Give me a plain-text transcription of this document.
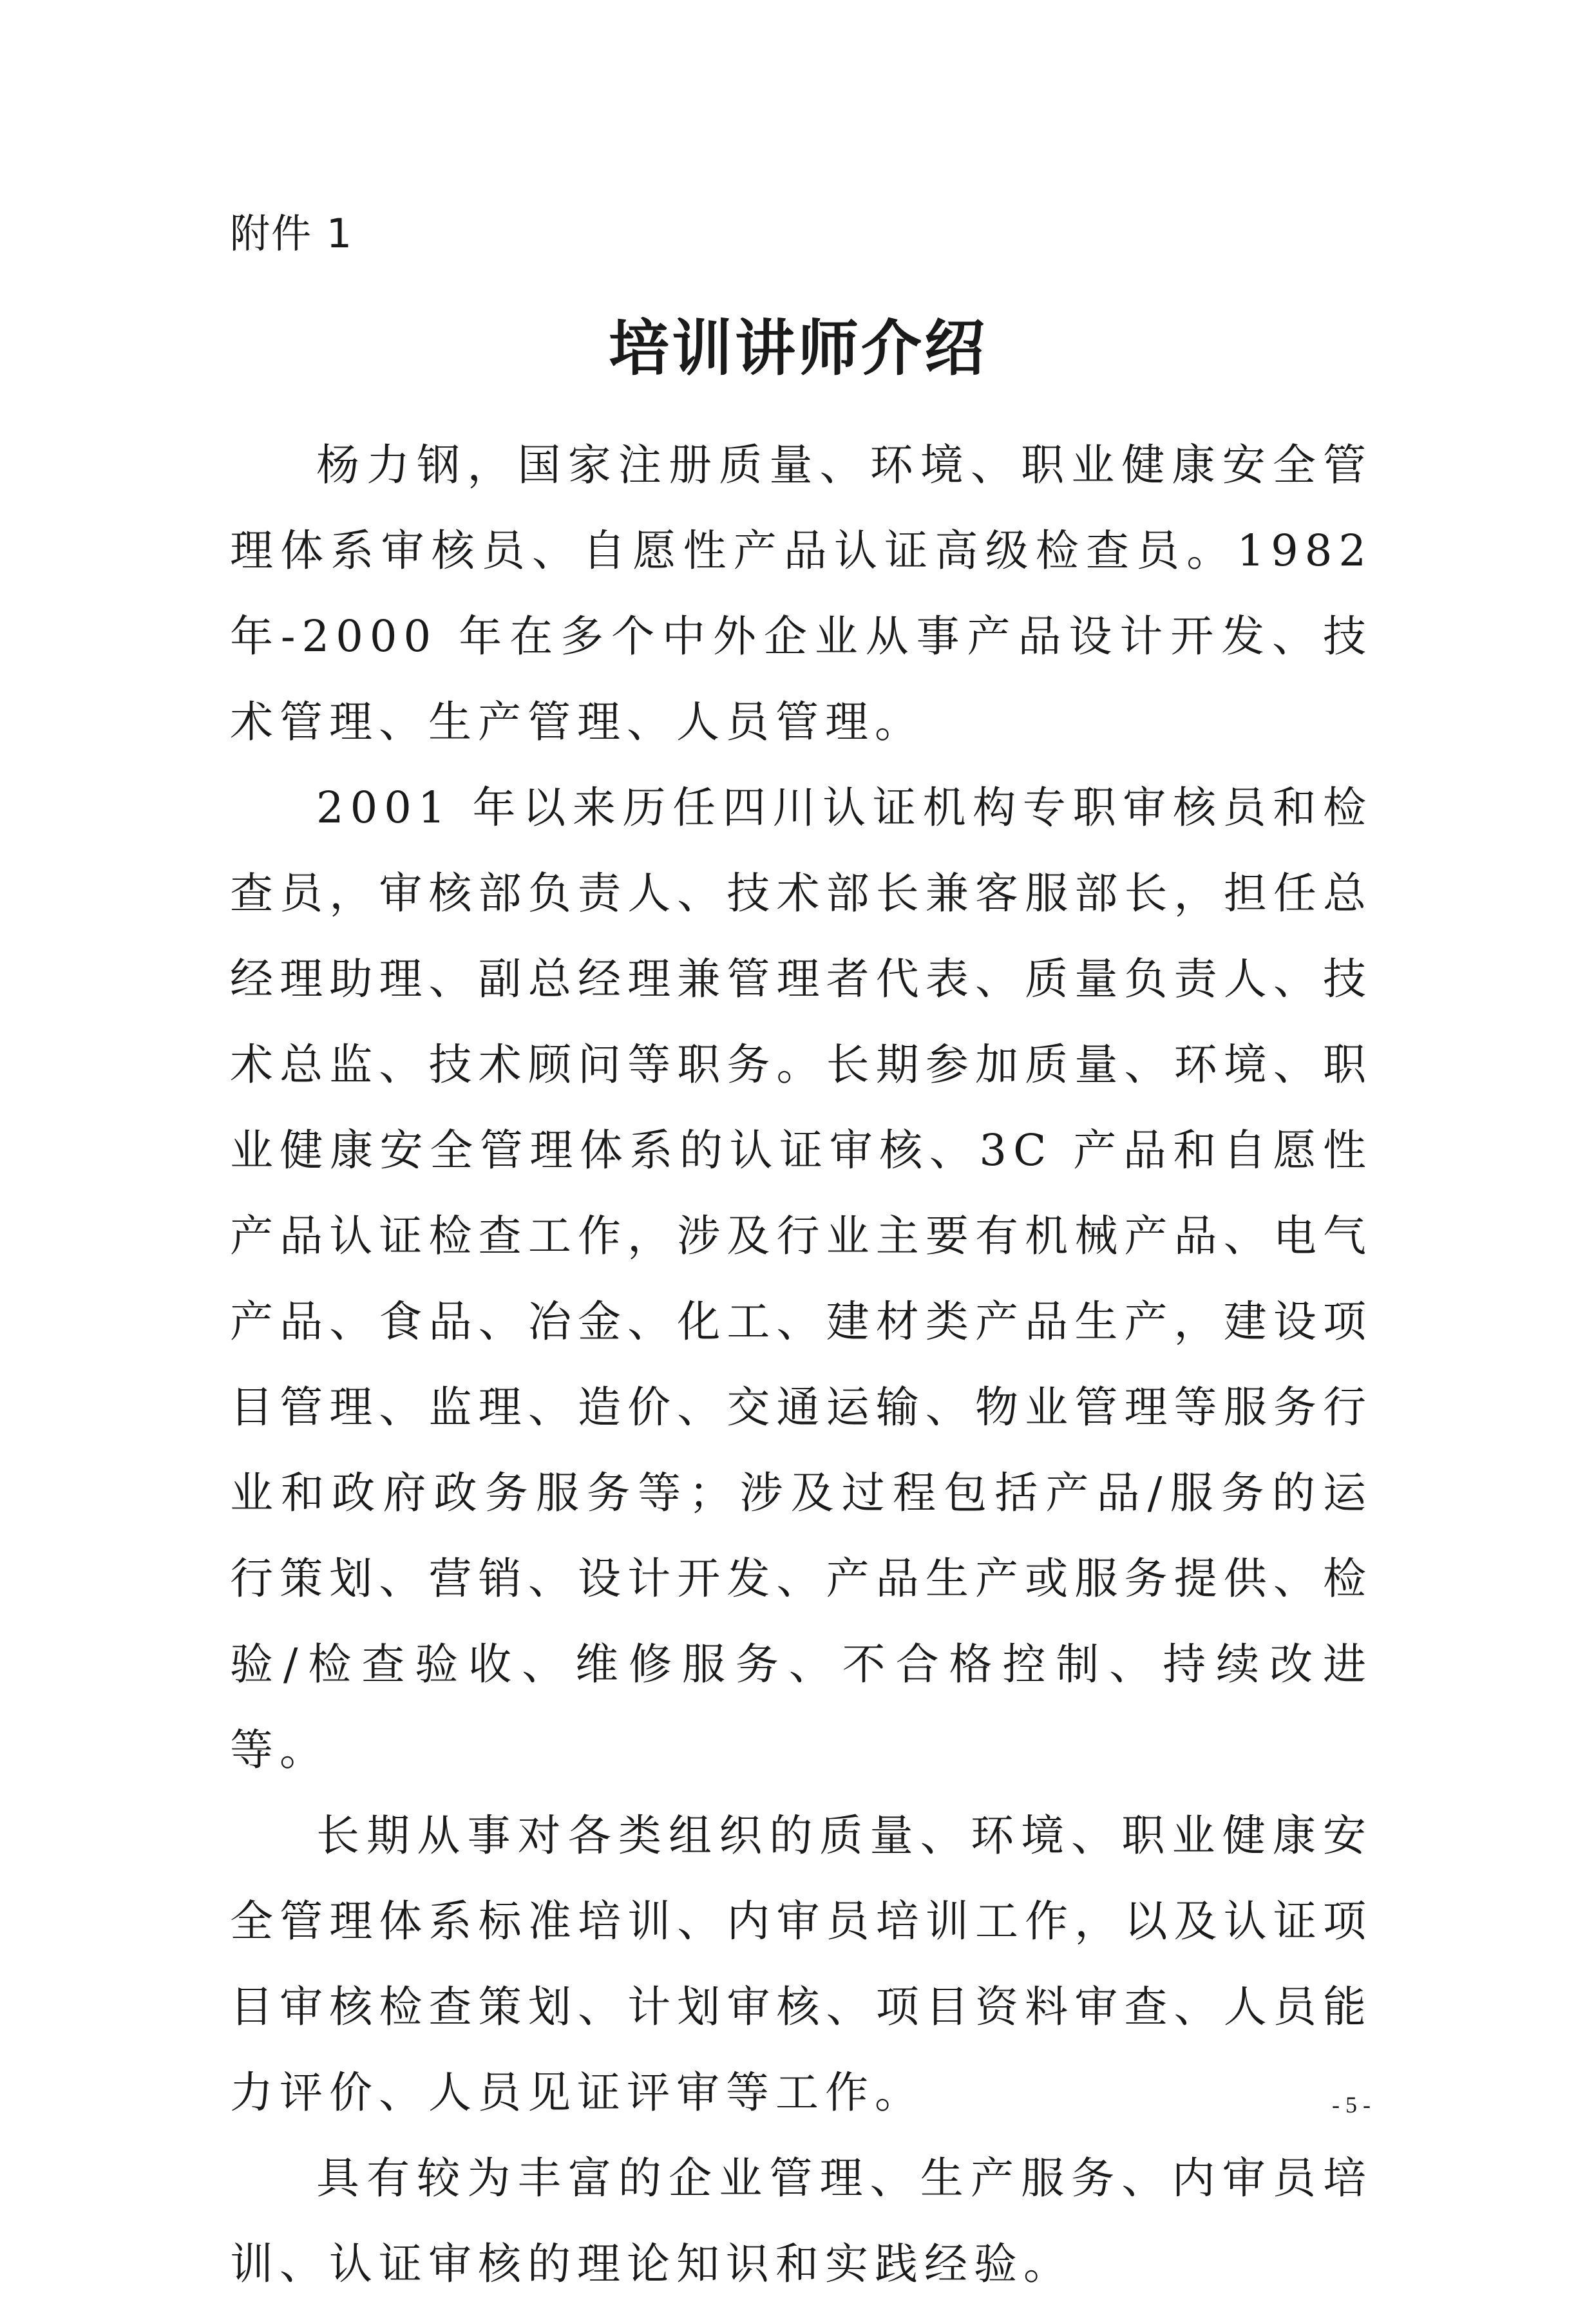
附件 1
培训讲师介绍

杨力钢，国家注册质量、环境、职业健康安全管理体系审核员、自愿性产品认证高级检查员。1982 年-2000 年在多个中外企业从事产品设计开发、技术管理、生产管理、人员管理。

2001 年以来历任四川认证机构专职审核员和检查员，审核部负责人、技术部长兼客服部长，担任总经理助理、副总经理兼管理者代表、质量负责人、技术总监、技术顾问等职务。长期参加质量、环境、职业健康安全管理体系的认证审核、3C 产品和自愿性产品认证检查工作，涉及行业主要有机械产品、电气产品、食品、冶金、化工、建材类产品生产，建设项目管理、监理、造价、交通运输、物业管理等服务行业和政府政务服务等；涉及过程包括产品/服务的运行策划、营销、设计开发、产品生产或服务提供、检验/检查验收、维修服务、不合格控制、持续改进等。

长期从事对各类组织的质量、环境、职业健康安全管理体系标准培训、内审员培训工作，以及认证项目审核检查策划、计划审核、项目资料审查、人员能力评价、人员见证评审等工作。

具有较为丰富的企业管理、生产服务、内审员培训、认证审核的理论知识和实践经验。

- 5 -
